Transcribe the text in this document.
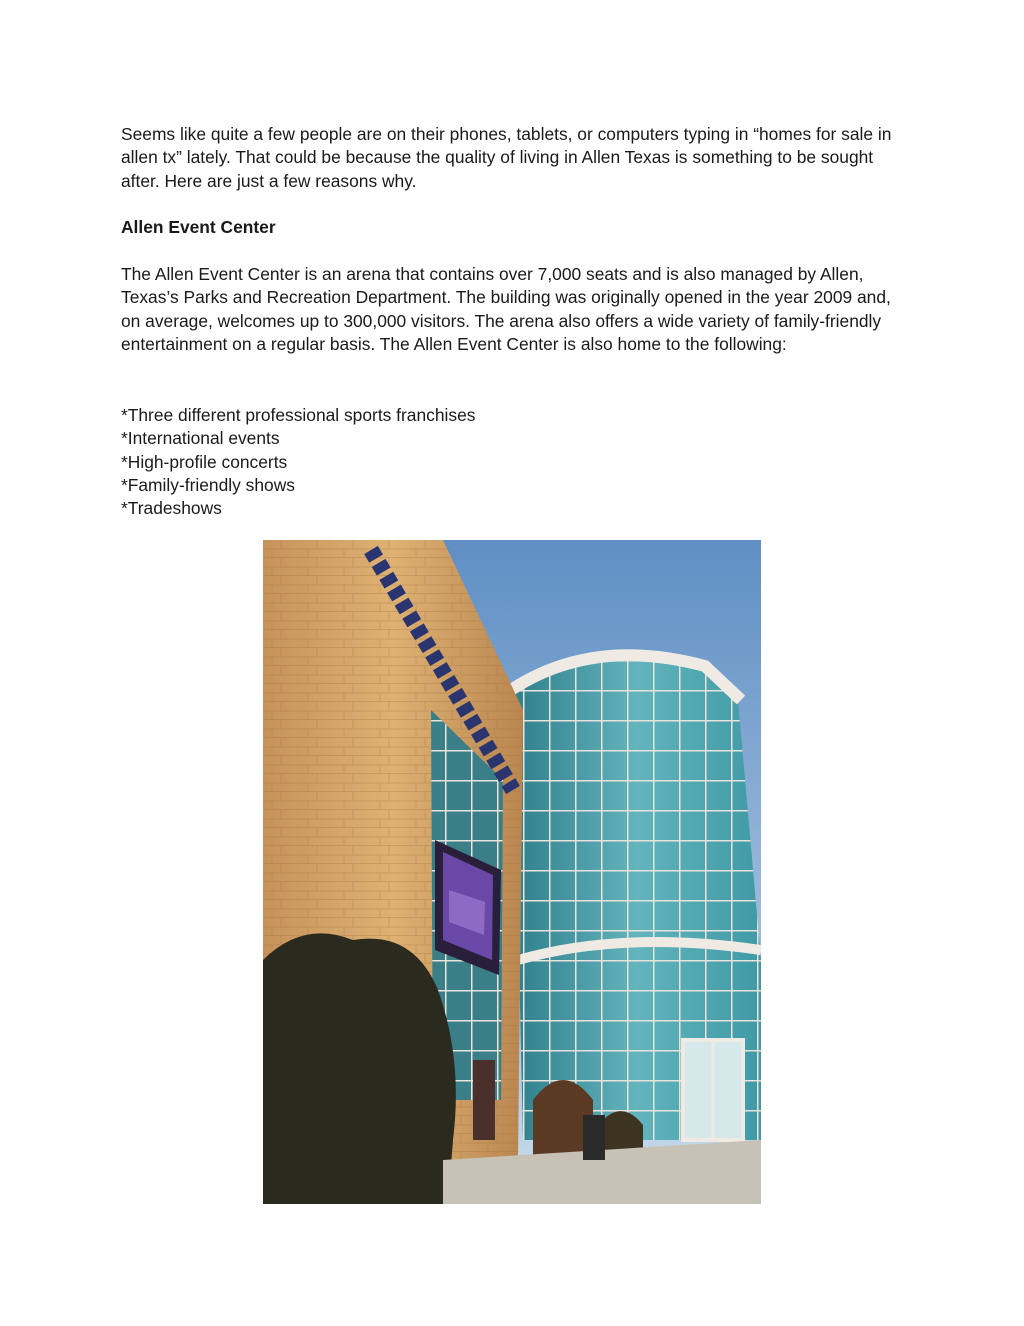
Seems like quite a few people are on their phones, tablets, or computers typing in “homes for sale in allen tx” lately. That could be because the quality of living in Allen Texas is something to be sought after. Here are just a few reasons why.

Allen Event Center

The Allen Event Center is an arena that contains over 7,000 seats and is also managed by Allen, Texas’s Parks and Recreation Department. The building was originally opened in the year 2009 and, on average, welcomes up to 300,000 visitors. The arena also offers a wide variety of family-friendly entertainment on a regular basis. The Allen Event Center is also home to the following:

*Three different professional sports franchises
*International events
*High-profile concerts
*Family-friendly shows
*Tradeshows
